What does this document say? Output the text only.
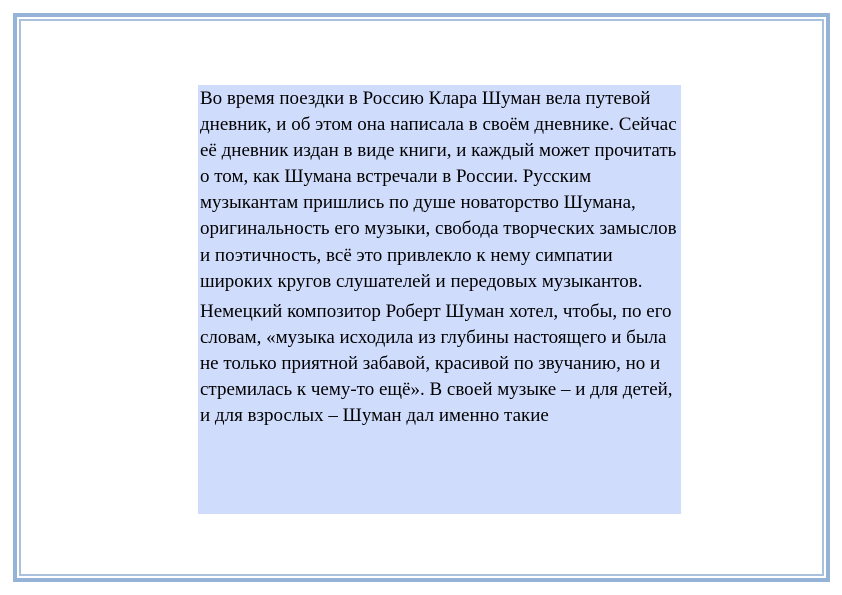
Во время поездки в Россию Клара Шуман вела путевой дневник, и об этом она написала в своём дневнике. Сейчас её дневник издан в виде книги, и каждый может прочитать о том, как Шумана встречали в России. Русским музыкантам пришлись по душе новаторство Шумана, оригинальность его музыки, свобода творческих замыслов и поэтичность, всё это привлекло к нему симпатии широких кругов слушателей и передовых музыкантов.

Немецкий композитор Роберт Шуман хотел, чтобы, по его словам, «музыка исходила из глубины настоящего и была не только приятной забавой, красивой по звучанию, но и стремилась к чему-то ещё». В своей музыке – и для детей, и для взрослых – Шуман дал именно такие
